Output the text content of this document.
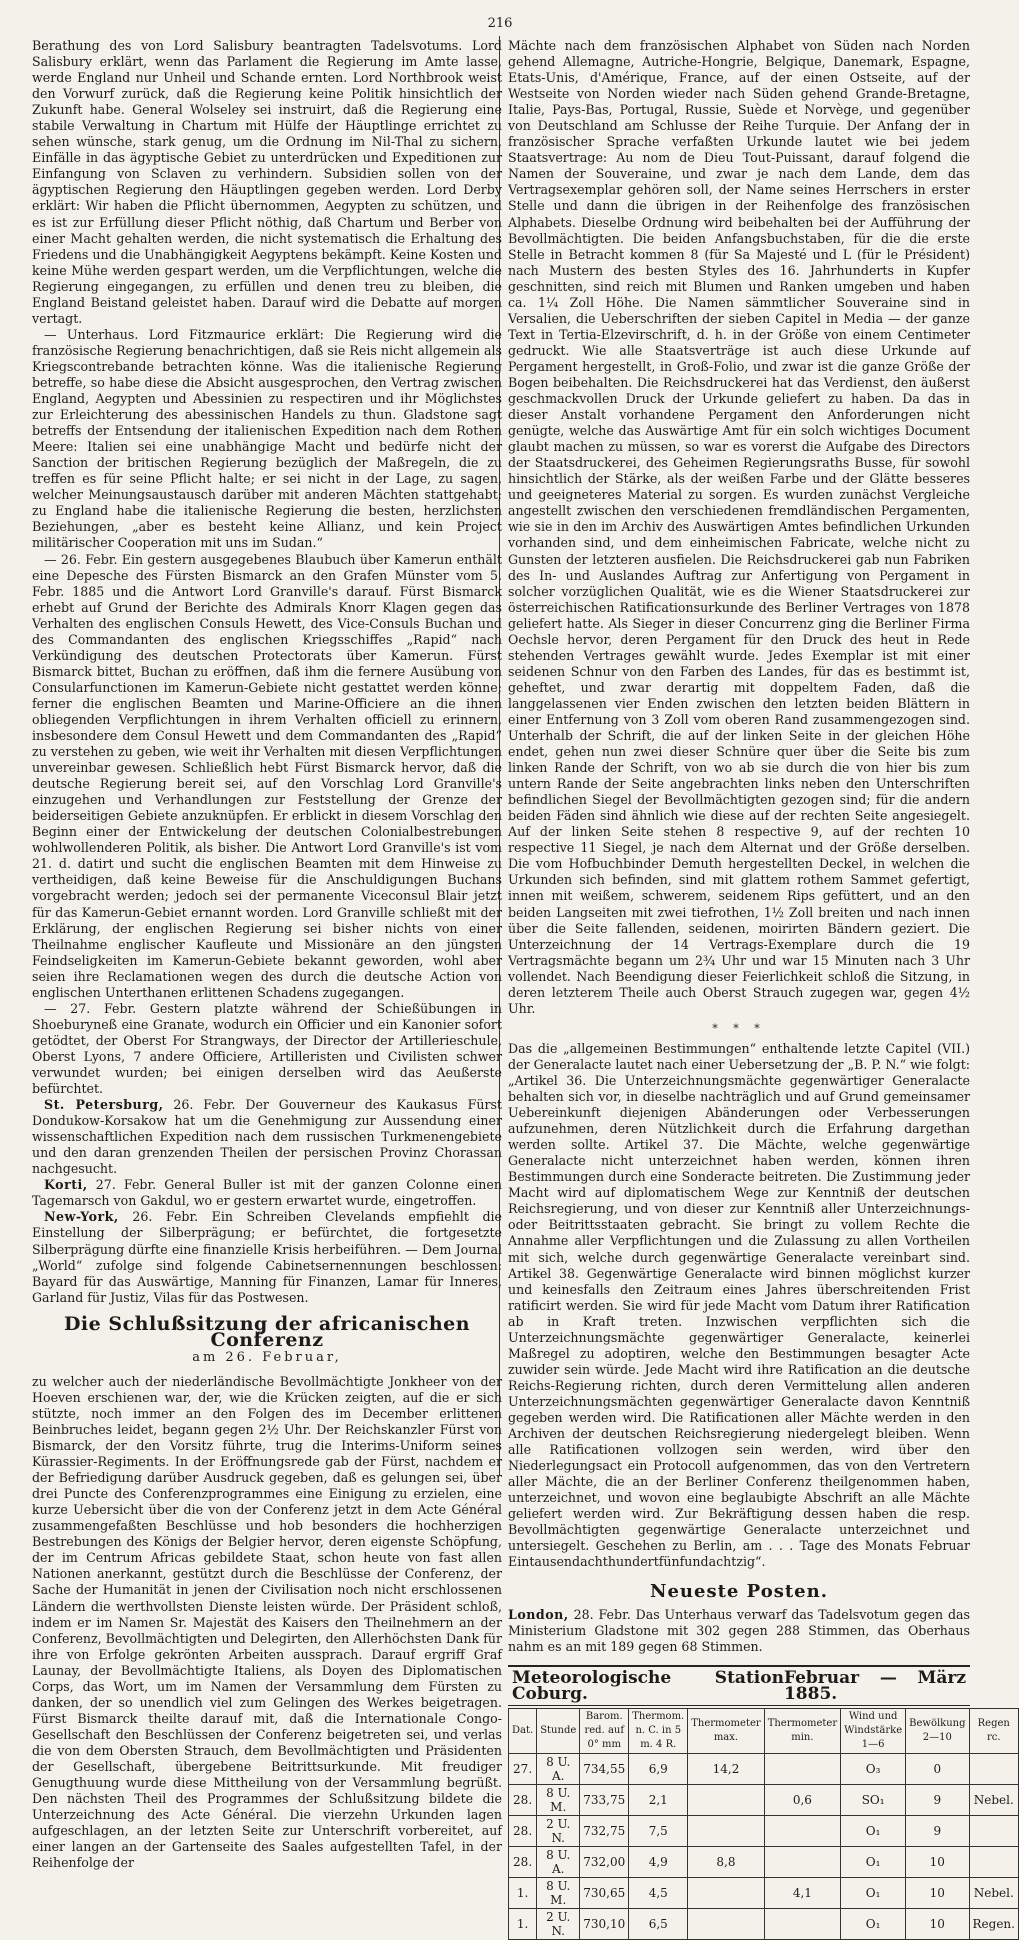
216

Berathung des von Lord Salisbury beantragten Tadelsvotums. Lord Salisbury erklärt, wenn das Parlament die Regierung im Amte lasse, werde England nur Unheil und Schande ernten. Lord Northbrook weist den Vorwurf zurück, daß die Regierung keine Politik hinsichtlich der Zukunft habe. General Wolseley sei instruirt, daß die Regierung eine stabile Verwaltung in Chartum mit Hülfe der Häuptlinge errichtet zu sehen wünsche, stark genug, um die Ordnung im Nil-Thal zu sichern, Einfälle in das ägyptische Gebiet zu unterdrücken und Expeditionen zur Einfangung von Sclaven zu verhindern. Subsidien sollen von der ägyptischen Regierung den Häuptlingen gegeben werden. Lord Derby erklärt: Wir haben die Pflicht übernommen, Aegypten zu schützen, und es ist zur Erfüllung dieser Pflicht nöthig, daß Chartum und Berber von einer Macht gehalten werden, die nicht systematisch die Erhaltung des Friedens und die Unabhängigkeit Aegyptens bekämpft. Keine Kosten und keine Mühe werden gespart werden, um die Verpflichtungen, welche die Regierung eingegangen, zu erfüllen und denen treu zu bleiben, die England Beistand geleistet haben. Darauf wird die Debatte auf morgen vertagt.

— Unterhaus. Lord Fitzmaurice erklärt: Die Regierung wird die französische Regierung benachrichtigen, daß sie Reis nicht allgemein als Kriegscontrebande betrachten könne. Was die italienische Regierung betreffe, so habe diese die Absicht ausgesprochen, den Vertrag zwischen England, Aegypten und Abessinien zu respectiren und ihr Möglichstes zur Erleichterung des abessinischen Handels zu thun. Gladstone sagt betreffs der Entsendung der italienischen Expedition nach dem Rothen Meere: Italien sei eine unabhängige Macht und bedürfe nicht der Sanction der britischen Regierung bezüglich der Maßregeln, die zu treffen es für seine Pflicht halte; er sei nicht in der Lage, zu sagen, welcher Meinungsaustausch darüber mit anderen Mächten stattgehabt; zu England habe die italienische Regierung die besten, herzlichsten Beziehungen, „aber es besteht keine Allianz, und kein Project militärischer Cooperation mit uns im Sudan.“

— 26. Febr. Ein gestern ausgegebenes Blaubuch über Kamerun enthält eine Depesche des Fürsten Bismarck an den Grafen Münster vom 5. Febr. 1885 und die Antwort Lord Granville's darauf. Fürst Bismarck erhebt auf Grund der Berichte des Admirals Knorr Klagen gegen das Verhalten des englischen Consuls Hewett, des Vice-Consuls Buchan und des Commandanten des englischen Kriegsschiffes „Rapid“ nach Verkündigung des deutschen Protectorats über Kamerun. Fürst Bismarck bittet, Buchan zu eröffnen, daß ihm die fernere Ausübung von Consularfunctionen im Kamerun-Gebiete nicht gestattet werden könne; ferner die englischen Beamten und Marine-Officiere an die ihnen obliegenden Verpflichtungen in ihrem Verhalten officiell zu erinnern, insbesondere dem Consul Hewett und dem Commandanten des „Rapid“ zu verstehen zu geben, wie weit ihr Verhalten mit diesen Verpflichtungen unvereinbar gewesen. Schließlich hebt Fürst Bismarck hervor, daß die deutsche Regierung bereit sei, auf den Vorschlag Lord Granville's einzugehen und Verhandlungen zur Feststellung der Grenze der beiderseitigen Gebiete anzuknüpfen. Er erblickt in diesem Vorschlag den Beginn einer der Entwickelung der deutschen Colonialbestrebungen wohlwollenderen Politik, als bisher. Die Antwort Lord Granville's ist vom 21. d. datirt und sucht die englischen Beamten mit dem Hinweise zu vertheidigen, daß keine Beweise für die Anschuldigungen Buchans vorgebracht werden; jedoch sei der permanente Viceconsul Blair jetzt für das Kamerun-Gebiet ernannt worden. Lord Granville schließt mit der Erklärung, der englischen Regierung sei bisher nichts von einer Theilnahme englischer Kaufleute und Missionäre an den jüngsten Feindseligkeiten im Kamerun-Gebiete bekannt geworden, wohl aber seien ihre Reclamationen wegen des durch die deutsche Action von englischen Unterthanen erlittenen Schadens zugegangen.

— 27. Febr. Gestern platzte während der Schießübungen in Shoeburyneß eine Granate, wodurch ein Officier und ein Kanonier sofort getödtet, der Oberst For Strangways, der Director der Artillerieschule, Oberst Lyons, 7 andere Officiere, Artilleristen und Civilisten schwer verwundet wurden; bei einigen derselben wird das Aeußerste befürchtet.

St. Petersburg, 26. Febr. Der Gouverneur des Kaukasus Fürst Dondukow-Korsakow hat um die Genehmigung zur Aussendung einer wissenschaftlichen Expedition nach dem russischen Turkmenengebiete und den daran grenzenden Theilen der persischen Provinz Chorassan nachgesucht.

Korti, 27. Febr. General Buller ist mit der ganzen Colonne einen Tagemarsch von Gakdul, wo er gestern erwartet wurde, eingetroffen.

New-York, 26. Febr. Ein Schreiben Clevelands empfiehlt die Einstellung der Silberprägung; er befürchtet, die fortgesetzte Silberprägung dürfte eine finanzielle Krisis herbeiführen. — Dem Journal „World“ zufolge sind folgende Cabinetsernennungen beschlossen: Bayard für das Auswärtige, Manning für Finanzen, Lamar für Inneres, Garland für Justiz, Vilas für das Postwesen.

Die Schlußsitzung der africanischen Conferenz
am 26. Februar,

zu welcher auch der niederländische Bevollmächtigte Jonkheer von der Hoeven erschienen war, der, wie die Krücken zeigten, auf die er sich stützte, noch immer an den Folgen des im December erlittenen Beinbruches leidet, begann gegen 2½ Uhr. Der Reichskanzler Fürst von Bismarck, der den Vorsitz führte, trug die Interims-Uniform seines Kürassier-Regiments. In der Eröffnungsrede gab der Fürst, nachdem er der Befriedigung darüber Ausdruck gegeben, daß es gelungen sei, über drei Puncte des Conferenzprogrammes eine Einigung zu erzielen, eine kurze Uebersicht über die von der Conferenz jetzt in dem Acte Général zusammengefaßten Beschlüsse und hob besonders die hochherzigen Bestrebungen des Königs der Belgier hervor, deren eigenste Schöpfung, der im Centrum Africas gebildete Staat, schon heute von fast allen Nationen anerkannt, gestützt durch die Beschlüsse der Conferenz, der Sache der Humanität in jenen der Civilisation noch nicht erschlossenen Ländern die werthvollsten Dienste leisten würde. Der Präsident schloß, indem er im Namen Sr. Majestät des Kaisers den Theilnehmern an der Conferenz, Bevollmächtigten und Delegirten, den Allerhöchsten Dank für ihre von Erfolge gekrönten Arbeiten aussprach. Darauf ergriff Graf Launay, der Bevollmächtigte Italiens, als Doyen des Diplomatischen Corps, das Wort, um im Namen der Versammlung dem Fürsten zu danken, der so unendlich viel zum Gelingen des Werkes beigetragen. Fürst Bismarck theilte darauf mit, daß die Internationale Congo-Gesellschaft den Beschlüssen der Conferenz beigetreten sei, und verlas die von dem Obersten Strauch, dem Bevollmächtigten und Präsidenten der Gesellschaft, übergebene Beitrittsurkunde. Mit freudiger Genugthuung wurde diese Mittheilung von der Versammlung begrüßt. Den nächsten Theil des Programmes der Schlußsitzung bildete die Unterzeichnung des Acte Général. Die vierzehn Urkunden lagen aufgeschlagen, an der letzten Seite zur Unterschrift vorbereitet, auf einer langen an der Gartenseite des Saales aufgestellten Tafel, in der Reihenfolge der

Mächte nach dem französischen Alphabet von Süden nach Norden gehend Allemagne, Autriche-Hongrie, Belgique, Danemark, Espagne, Etats-Unis, d'Amérique, France, auf der einen Ostseite, auf der Westseite von Norden wieder nach Süden gehend Grande-Bretagne, Italie, Pays-Bas, Portugal, Russie, Suède et Norvège, und gegenüber von Deutschland am Schlusse der Reihe Turquie. Der Anfang der in französischer Sprache verfaßten Urkunde lautet wie bei jedem Staatsvertrage: Au nom de Dieu Tout-Puissant, darauf folgend die Namen der Souveraine, und zwar je nach dem Lande, dem das Vertragsexemplar gehören soll, der Name seines Herrschers in erster Stelle und dann die übrigen in der Reihenfolge des französischen Alphabets. Dieselbe Ordnung wird beibehalten bei der Aufführung der Bevollmächtigten. Die beiden Anfangsbuchstaben, für die die erste Stelle in Betracht kommen 8 (für Sa Majesté und L (für le Président) nach Mustern des besten Styles des 16. Jahrhunderts in Kupfer geschnitten, sind reich mit Blumen und Ranken umgeben und haben ca. 1¼ Zoll Höhe. Die Namen sämmtlicher Souveraine sind in Versalien, die Ueberschriften der sieben Capitel in Media — der ganze Text in Tertia-Elzevirschrift, d. h. in der Größe von einem Centimeter gedruckt. Wie alle Staatsverträge ist auch diese Urkunde auf Pergament hergestellt, in Groß-Folio, und zwar ist die ganze Größe der Bogen beibehalten. Die Reichsdruckerei hat das Verdienst, den äußerst geschmackvollen Druck der Urkunde geliefert zu haben. Da das in dieser Anstalt vorhandene Pergament den Anforderungen nicht genügte, welche das Auswärtige Amt für ein solch wichtiges Document glaubt machen zu müssen, so war es vorerst die Aufgabe des Directors der Staatsdruckerei, des Geheimen Regierungsraths Busse, für sowohl hinsichtlich der Stärke, als der weißen Farbe und der Glätte besseres und geeigneteres Material zu sorgen. Es wurden zunächst Vergleiche angestellt zwischen den verschiedenen fremdländischen Pergamenten, wie sie in den im Archiv des Auswärtigen Amtes befindlichen Urkunden vorhanden sind, und dem einheimischen Fabricate, welche nicht zu Gunsten der letzteren ausfielen. Die Reichsdruckerei gab nun Fabriken des In- und Auslandes Auftrag zur Anfertigung von Pergament in solcher vorzüglichen Qualität, wie es die Wiener Staatsdruckerei zur österreichischen Ratificationsurkunde des Berliner Vertrages von 1878 geliefert hatte. Als Sieger in dieser Concurrenz ging die Berliner Firma Oechsle hervor, deren Pergament für den Druck des heut in Rede stehenden Vertrages gewählt wurde. Jedes Exemplar ist mit einer seidenen Schnur von den Farben des Landes, für das es bestimmt ist, geheftet, und zwar derartig mit doppeltem Faden, daß die langgelassenen vier Enden zwischen den letzten beiden Blättern in einer Entfernung von 3 Zoll vom oberen Rand zusammengezogen sind. Unterhalb der Schrift, die auf der linken Seite in der gleichen Höhe endet, gehen nun zwei dieser Schnüre quer über die Seite bis zum linken Rande der Schrift, von wo ab sie durch die von hier bis zum untern Rande der Seite angebrachten links neben den Unterschriften befindlichen Siegel der Bevollmächtigten gezogen sind; für die andern beiden Fäden sind ähnlich wie diese auf der rechten Seite angesiegelt. Auf der linken Seite stehen 8 respective 9, auf der rechten 10 respective 11 Siegel, je nach dem Alternat und der Größe derselben. Die vom Hofbuchbinder Demuth hergestellten Deckel, in welchen die Urkunden sich befinden, sind mit glattem rothem Sammet gefertigt, innen mit weißem, schwerem, seidenem Rips gefüttert, und an den beiden Langseiten mit zwei tiefrothen, 1½ Zoll breiten und nach innen über die Seite fallenden, seidenen, moirirten Bändern geziert. Die Unterzeichnung der 14 Vertrags-Exemplare durch die 19 Vertragsmächte begann um 2¾ Uhr und war 15 Minuten nach 3 Uhr vollendet. Nach Beendigung dieser Feierlichkeit schloß die Sitzung, in deren letzterem Theile auch Oberst Strauch zugegen war, gegen 4½ Uhr.

* * *

Das die „allgemeinen Bestimmungen“ enthaltende letzte Capitel (VII.) der Generalacte lautet nach einer Uebersetzung der „B. P. N.“ wie folgt: „Artikel 36. Die Unterzeichnungsmächte gegenwärtiger Generalacte behalten sich vor, in dieselbe nachträglich und auf Grund gemeinsamer Uebereinkunft diejenigen Abänderungen oder Verbesserungen aufzunehmen, deren Nützlichkeit durch die Erfahrung dargethan werden sollte. Artikel 37. Die Mächte, welche gegenwärtige Generalacte nicht unterzeichnet haben werden, können ihren Bestimmungen durch eine Sonderacte beitreten. Die Zustimmung jeder Macht wird auf diplomatischem Wege zur Kenntniß der deutschen Reichsregierung, und von dieser zur Kenntniß aller Unterzeichnungs- oder Beitrittsstaaten gebracht. Sie bringt zu vollem Rechte die Annahme aller Verpflichtungen und die Zulassung zu allen Vortheilen mit sich, welche durch gegenwärtige Generalacte vereinbart sind. Artikel 38. Gegenwärtige Generalacte wird binnen möglichst kurzer und keinesfalls den Zeitraum eines Jahres überschreitenden Frist ratificirt werden. Sie wird für jede Macht vom Datum ihrer Ratification ab in Kraft treten. Inzwischen verpflichten sich die Unterzeichnungsmächte gegenwärtiger Generalacte, keinerlei Maßregel zu adoptiren, welche den Bestimmungen besagter Acte zuwider sein würde. Jede Macht wird ihre Ratification an die deutsche Reichs-Regierung richten, durch deren Vermittelung allen anderen Unterzeichnungsmächten gegenwärtiger Generalacte davon Kenntniß gegeben werden wird. Die Ratificationen aller Mächte werden in den Archiven der deutschen Reichsregierung niedergelegt bleiben. Wenn alle Ratificationen vollzogen sein werden, wird über den Niederlegungsact ein Protocoll aufgenommen, das von den Vertretern aller Mächte, die an der Berliner Conferenz theilgenommen haben, unterzeichnet, und wovon eine beglaubigte Abschrift an alle Mächte geliefert werden wird. Zur Bekräftigung dessen haben die resp. Bevollmächtigten gegenwärtige Generalacte unterzeichnet und untersiegelt. Geschehen zu Berlin, am . . . Tage des Monats Februar Eintausendachthundertfünfundachtzig“.

Neueste Posten.

London, 28. Febr. Das Unterhaus verwarf das Tadelsvotum gegen das Ministerium Gladstone mit 302 gegen 288 Stimmen, das Oberhaus nahm es an mit 189 gegen 68 Stimmen.

Meteorologische Station Coburg.
Februar — März 1885.
Dat.	Stunde	Barom. red. auf 0° mm	Thermom. n. C. in 5 m. 4 R.	Thermometer max.	Thermometer min.	Wind und Windstärke 1—6	Bewölkung 2—10	Regen rc.
27.	8 U. A.	734,55	6,9	14,2		O₃	0	
28.	8 U. M.	733,75	2,1		0,6	SO₁	9	Nebel.
28.	2 U. N.	732,75	7,5			O₁	9	
28.	8 U. A.	732,00	4,9	8,8		O₁	10	
1.	8 U. M.	730,65	4,5		4,1	O₁	10	Nebel.
1.	2 U. N.	730,10	6,5			O₁	10	Regen.
